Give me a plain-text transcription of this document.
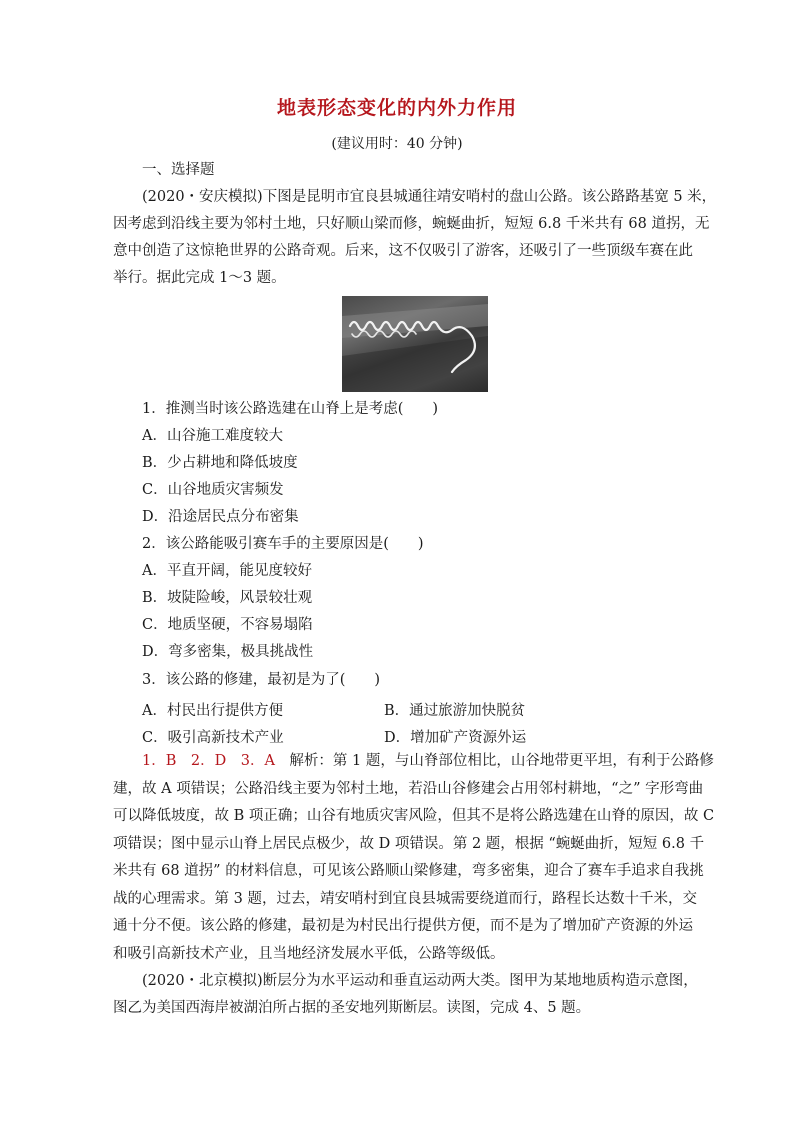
地表形态变化的内外力作用
(建议用时：40 分钟)
一、选择题
(2020・安庆模拟)下图是昆明市宜良县城通往靖安哨村的盘山公路。该公路路基宽 5 米，
因考虑到沿线主要为邻村土地，只好顺山梁而修，蜿蜒曲折，短短 6.8 千米共有 68 道拐，无
意中创造了这惊艳世界的公路奇观。后来，这不仅吸引了游客，还吸引了一些顶级车赛在此
举行。据此完成 1～3 题。
1．推测当时该公路选建在山脊上是考虑(　　)
A．山谷施工难度较大
B．少占耕地和降低坡度
C．山谷地质灾害频发
D．沿途居民点分布密集
2．该公路能吸引赛车手的主要原因是(　　)
A．平直开阔，能见度较好
B．坡陡险峻，风景较壮观
C．地质坚硬，不容易塌陷
D．弯多密集，极具挑战性
3．该公路的修建，最初是为了(　　)
A．村民出行提供方便	B．通过旅游加快脱贫
C．吸引高新技术产业	D．增加矿产资源外运
1．B　2．D　3．A　解析：第 1 题，与山脊部位相比，山谷地带更平坦，有利于公路修
建，故 A 项错误；公路沿线主要为邻村土地，若沿山谷修建会占用邻村耕地，“之” 字形弯曲
可以降低坡度，故 B 项正确；山谷有地质灾害风险，但其不是将公路选建在山脊的原因，故 C
项错误；图中显示山脊上居民点极少，故 D 项错误。第 2 题，根据 “蜿蜒曲折，短短 6.8 千
米共有 68 道拐” 的材料信息，可见该公路顺山梁修建，弯多密集，迎合了赛车手追求自我挑
战的心理需求。第 3 题，过去，靖安哨村到宜良县城需要绕道而行，路程长达数十千米，交
通十分不便。该公路的修建，最初是为村民出行提供方便，而不是为了增加矿产资源的外运
和吸引高新技术产业，且当地经济发展水平低，公路等级低。
(2020・北京模拟)断层分为水平运动和垂直运动两大类。图甲为某地地质构造示意图，
图乙为美国西海岸被湖泊所占据的圣安地列斯断层。读图，完成 4、5 题。
